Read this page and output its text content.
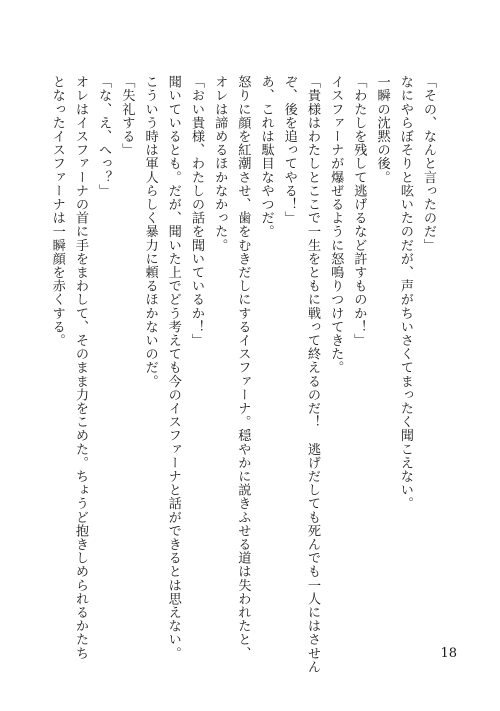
「その、なんと言ったのだ」
なにやらぼそりと呟いたのだが、声がちいさくてまったく聞こえない。
一瞬の沈黙の後。
「わたしを残して逃げるなど許すものか！」
イスファーナが爆ぜるように怒鳴りつけてきた。
「貴様はわたしとここで一生をともに戦って終えるのだ！　逃げだしても死んでも一人にはさせん
ぞ、後を追ってやる！」
あ、これは駄目なやつだ。
怒りに顔を紅潮させ、歯をむきだしにするイスファーナ。穏やかに説きふせる道は失われたと、
オレは諦めるほかなかった。
「おい貴様、わたしの話を聞いているか！」
聞いているとも。だが、聞いた上でどう考えても今のイスファーナと話ができるとは思えない。
こういう時は軍人らしく暴力に頼るほかないのだ。
「失礼する」
「な、え、へっ？」
オレはイスファーナの首に手をまわして、そのまま力をこめた。ちょうど抱きしめられるかたち
となったイスファーナは一瞬顔を赤くする。
18
